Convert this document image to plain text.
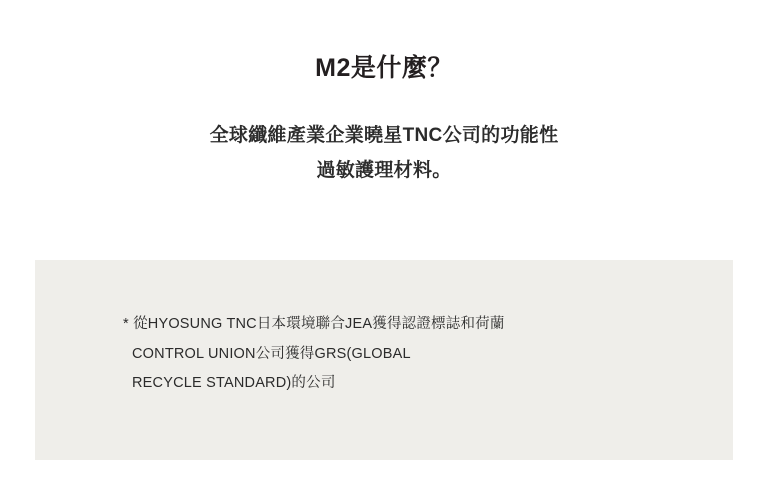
M2是什麼？
全球纖維產業企業曉星TNC公司的功能性
過敏護理材料。
* 從HYOSUNG TNC日本環境聯合JEA獲得認證標誌和荷蘭
CONTROL UNION公司獲得GRS(GLOBAL
RECYCLE STANDARD)的公司
